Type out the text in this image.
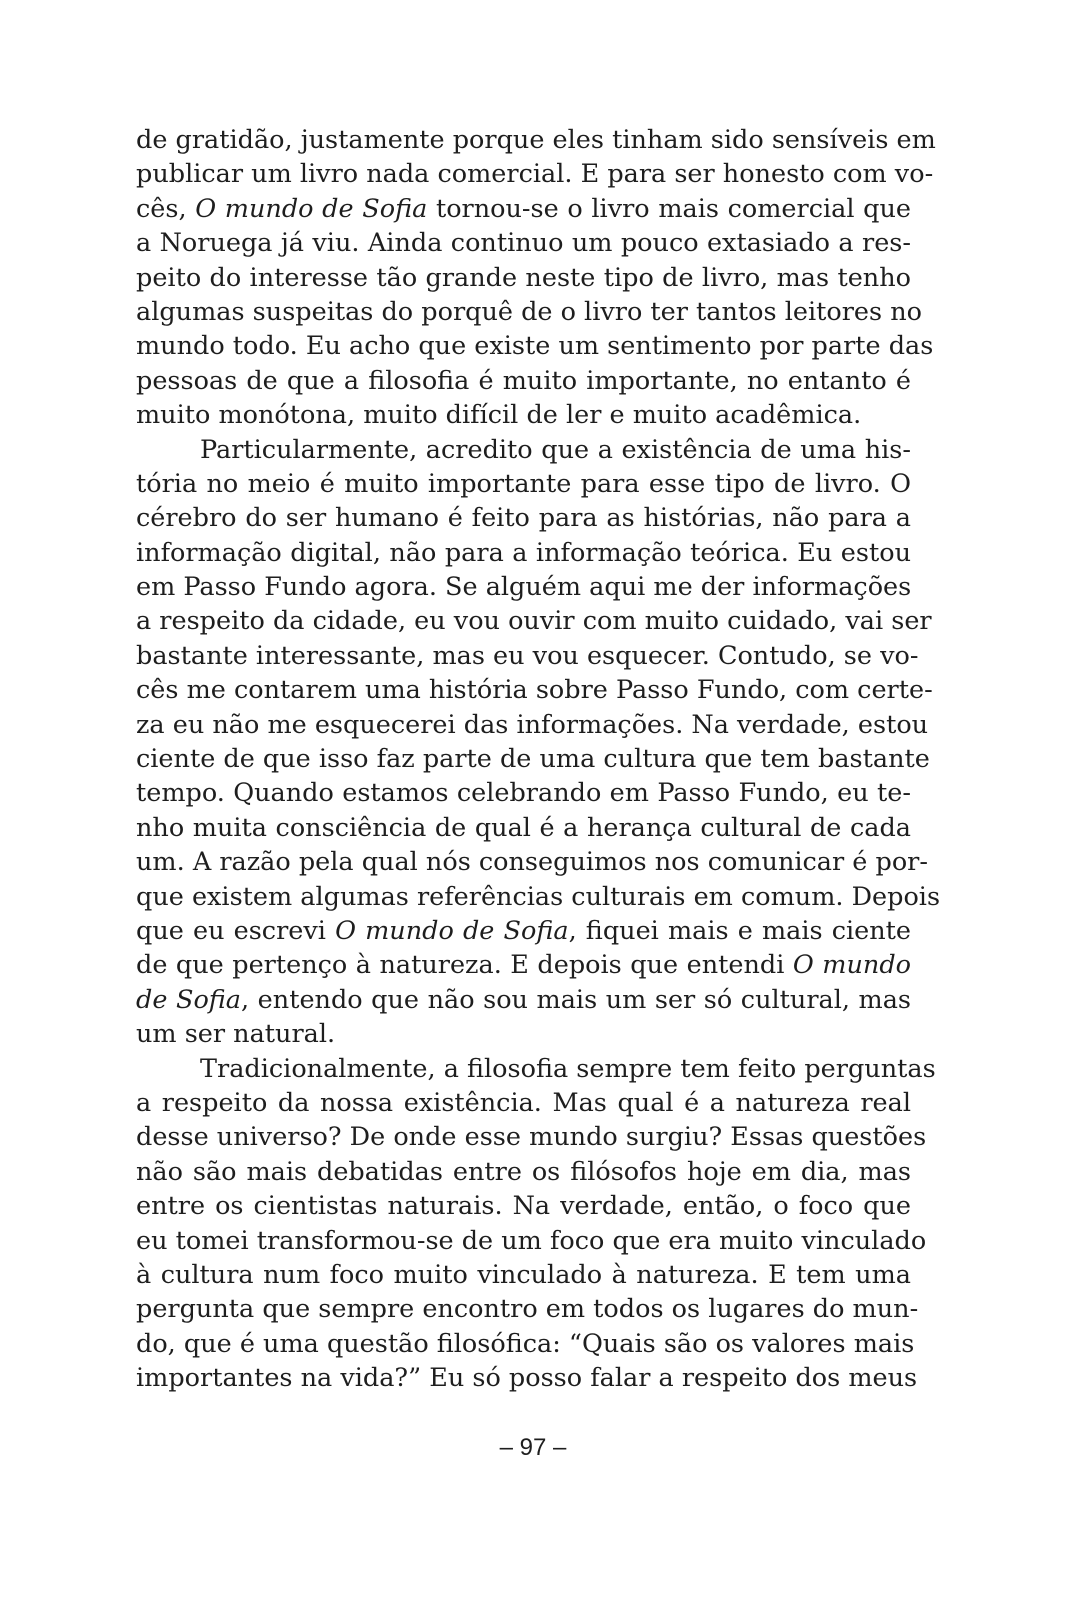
de gratidão, justamente porque eles tinham sido sensíveis em
publicar um livro nada comercial. E para ser honesto com vo-
cês, O mundo de Sofia tornou-se o livro mais comercial que
a Noruega já viu. Ainda continuo um pouco extasiado a res-
peito do interesse tão grande neste tipo de livro, mas tenho
algumas suspeitas do porquê de o livro ter tantos leitores no
mundo todo. Eu acho que existe um sentimento por parte das
pessoas de que a filosofia é muito importante, no entanto é
muito monótona, muito difícil de ler e muito acadêmica.
Particularmente, acredito que a existência de uma his-
tória no meio é muito importante para esse tipo de livro. O
cérebro do ser humano é feito para as histórias, não para a
informação digital, não para a informação teórica. Eu estou
em Passo Fundo agora. Se alguém aqui me der informações
a respeito da cidade, eu vou ouvir com muito cuidado, vai ser
bastante interessante, mas eu vou esquecer. Contudo, se vo-
cês me contarem uma história sobre Passo Fundo, com certe-
za eu não me esquecerei das informações. Na verdade, estou
ciente de que isso faz parte de uma cultura que tem bastante
tempo. Quando estamos celebrando em Passo Fundo, eu te-
nho muita consciência de qual é a herança cultural de cada
um. A razão pela qual nós conseguimos nos comunicar é por-
que existem algumas referências culturais em comum. Depois
que eu escrevi O mundo de Sofia, fiquei mais e mais ciente
de que pertenço à natureza. E depois que entendi O mundo
de Sofia, entendo que não sou mais um ser só cultural, mas
um ser natural.
Tradicionalmente, a filosofia sempre tem feito perguntas
a respeito da nossa existência. Mas qual é a natureza real
desse universo? De onde esse mundo surgiu? Essas questões
não são mais debatidas entre os filósofos hoje em dia, mas
entre os cientistas naturais. Na verdade, então, o foco que
eu tomei transformou-se de um foco que era muito vinculado
à cultura num foco muito vinculado à natureza. E tem uma
pergunta que sempre encontro em todos os lugares do mun-
do, que é uma questão filosófica: “Quais são os valores mais
importantes na vida?” Eu só posso falar a respeito dos meus
– 97 –
